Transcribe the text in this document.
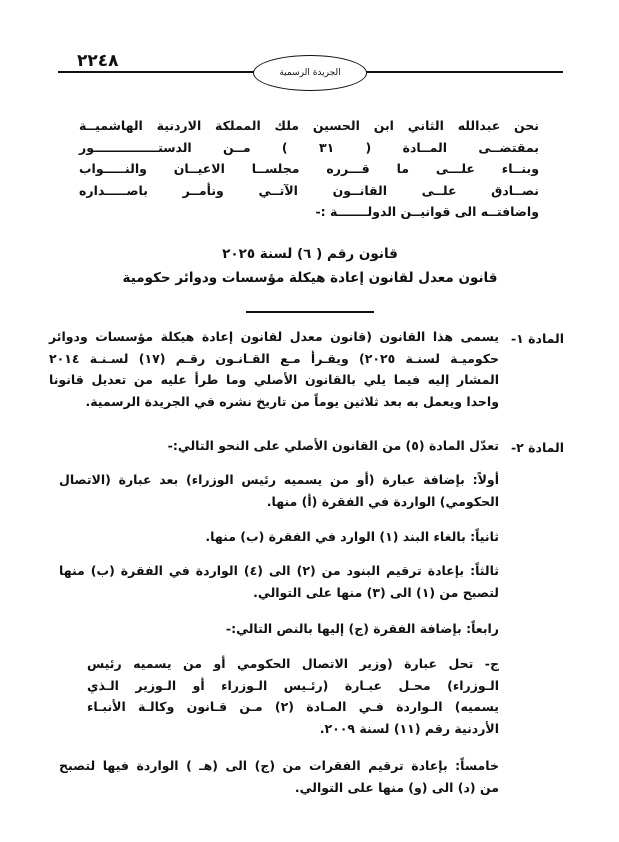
٢٢٤٨
الجريدة الرسمية
نحن عبدالله الثاني ابن الحسين ملك المملكة الاردنية الهاشميــة
بمقتضــى المــادة ( ٣١ ) مــن الدستـــــــــــــــور
وبنــاء علـــى ما قـــرره مجلســا الاعيــان والنـــــواب
نصــادق علــى القانــون الآتــي ونأمــر باصـــــداره
واضافتــه الى قوانيــن الدولـــــــة :-
قانون رقم ( ٦) لسنة ٢٠٢٥
قانون معدل لقانون إعادة هيكلة مؤسسات ودوائر حكومية
المادة ١-
يسمى هذا القانون (قانون معدل لقانون إعادة هيكلة مؤسسات ودوائر
حكوميـة لسنـة ٢٠٢٥) ويقـرأ مـع القـانـون رقـم (١٧) لسـنـة ٢٠١٤
المشار إليه فيما يلي بالقانون الأصلي وما طرأ عليه من تعديل قانونا
واحدا ويعمل به بعد ثلاثين يوماً من تاريخ نشره في الجريدة الرسمية.
المادة ٢-
تعدّل المادة (٥) من القانون الأصلي على النحو التالي:-
أولاً: بإضافة عبارة (أو من يسميه رئيس الوزراء) بعد عبارة (الاتصال
الحكومي) الواردة في الفقرة (أ) منها.
ثانياً: بالغاء البند (١) الوارد في الفقرة (ب) منها.
ثالثاً: بإعادة ترقيم البنود من (٢) الى (٤) الواردة في الفقرة (ب) منها
لتصبح من (١) الى (٣) منها على التوالي.
رابعاً: بإضافة الفقرة (ج) إليها بالنص التالي:-
ج- تحل عبارة (وزير الاتصال الحكومي أو من يسميه رئيس
الـوزراء) محـل عبـارة (رئـيس الـوزراء أو الـوزير الـذي
يسميه) الـواردة فـي المـادة (٢) مـن قـانون وكالـة الأنبـاء
الأردنية رقم (١١) لسنة ٢٠٠٩.
خامساً: بإعادة ترقيم الفقرات من (ج) الى (هـ ) الواردة فيها لتصبح
من (د) الى (و) منها على التوالي.
